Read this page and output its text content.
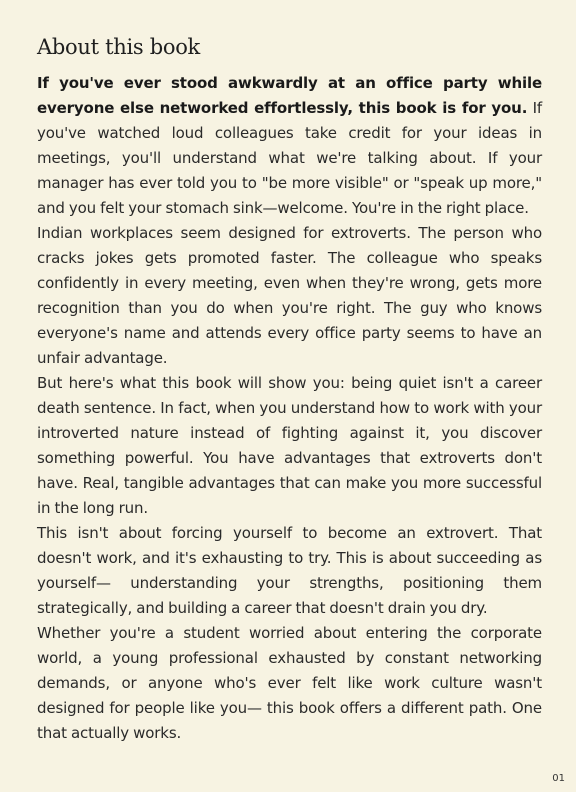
About this book

If you've ever stood awkwardly at an office party while everyone else networked effortlessly, this book is for you. If you've watched loud colleagues take credit for your ideas in meetings, you'll understand what we're talking about. If your manager has ever told you to "be more visible" or "speak up more," and you felt your stomach sink—welcome. You're in the right place.

Indian workplaces seem designed for extroverts. The person who cracks jokes gets promoted faster. The colleague who speaks confidently in every meeting, even when they're wrong, gets more recognition than you do when you're right. The guy who knows everyone's name and attends every office party seems to have an unfair advantage.

But here's what this book will show you: being quiet isn't a career death sentence. In fact, when you understand how to work with your introverted nature instead of fighting against it, you discover something powerful. You have advantages that extroverts don't have. Real, tangible advantages that can make you more successful in the long run.

This isn't about forcing yourself to become an extrovert. That doesn't work, and it's exhausting to try. This is about succeeding as yourself— understanding your strengths, positioning them strategically, and building a career that doesn't drain you dry.

Whether you're a student worried about entering the corporate world, a young professional exhausted by constant networking demands, or anyone who's ever felt like work culture wasn't designed for people like you— this book offers a different path. One that actually works.

01
